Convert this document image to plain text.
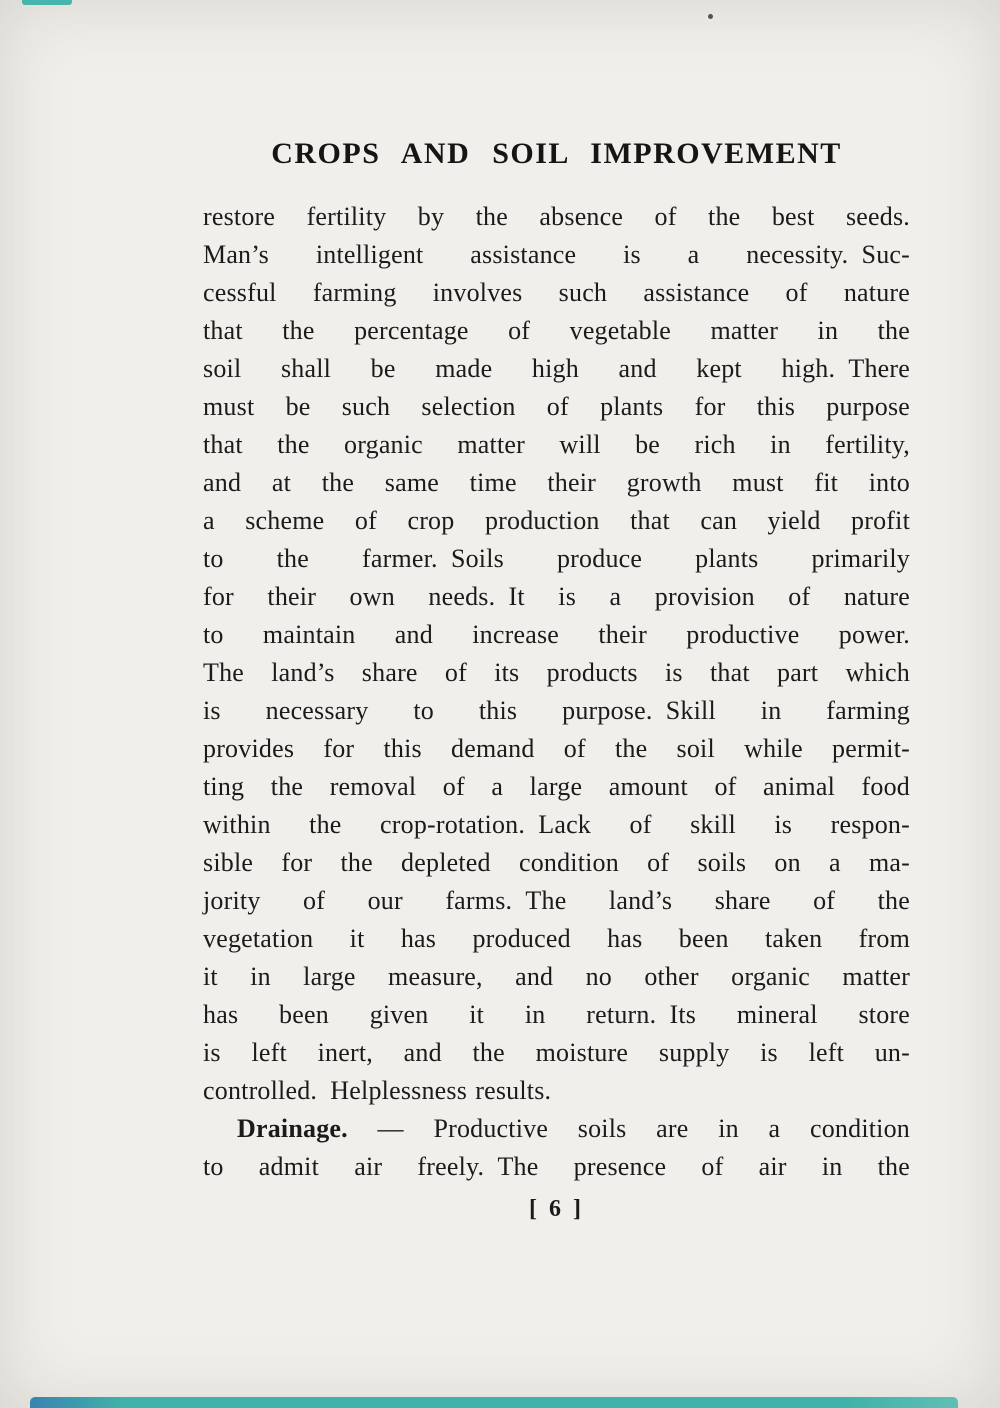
CROPS AND SOIL IMPROVEMENT
restore fertility by the absence of the best seeds.
Man’s intelligent assistance is a necessity. Suc-
cessful farming involves such assistance of nature
that the percentage of vegetable matter in the
soil shall be made high and kept high. There
must be such selection of plants for this purpose
that the organic matter will be rich in fertility,
and at the same time their growth must fit into
a scheme of crop production that can yield profit
to the farmer. Soils produce plants primarily
for their own needs. It is a provision of nature
to maintain and increase their productive power.
The land’s share of its products is that part which
is necessary to this purpose. Skill in farming
provides for this demand of the soil while permit-
ting the removal of a large amount of animal food
within the crop-rotation. Lack of skill is respon-
sible for the depleted condition of soils on a ma-
jority of our farms. The land’s share of the
vegetation it has produced has been taken from
it in large measure, and no other organic matter
has been given it in return. Its mineral store
is left inert, and the moisture supply is left un-
controlled. Helplessness results.
Drainage. — Productive soils are in a condition
to admit air freely. The presence of air in the
[ 6 ]
